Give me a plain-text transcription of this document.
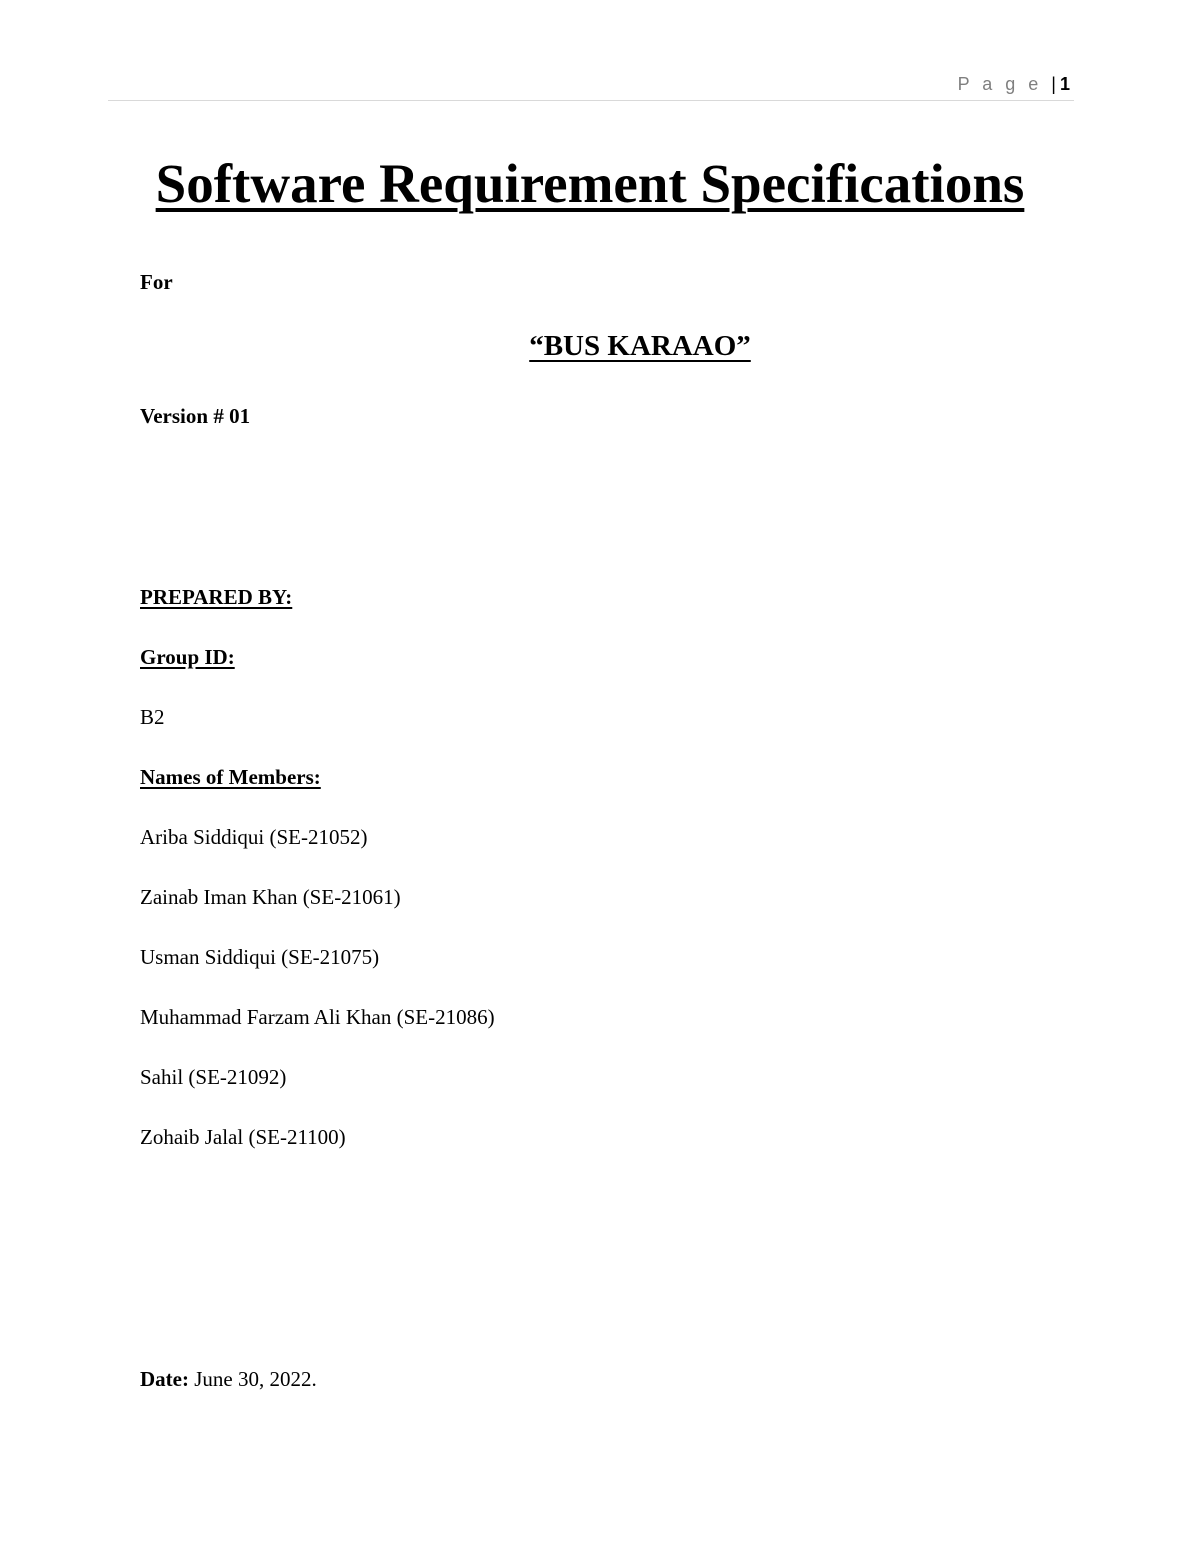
P a g e | 1
Software Requirement Specifications
For
“BUS KARAAO”
Version # 01
PREPARED BY:
Group ID:
B2
Names of Members:
Ariba Siddiqui (SE-21052)
Zainab Iman Khan (SE-21061)
Usman Siddiqui (SE-21075)
Muhammad Farzam Ali Khan (SE-21086)
Sahil (SE-21092)
Zohaib Jalal (SE-21100)
Date: June 30, 2022.
